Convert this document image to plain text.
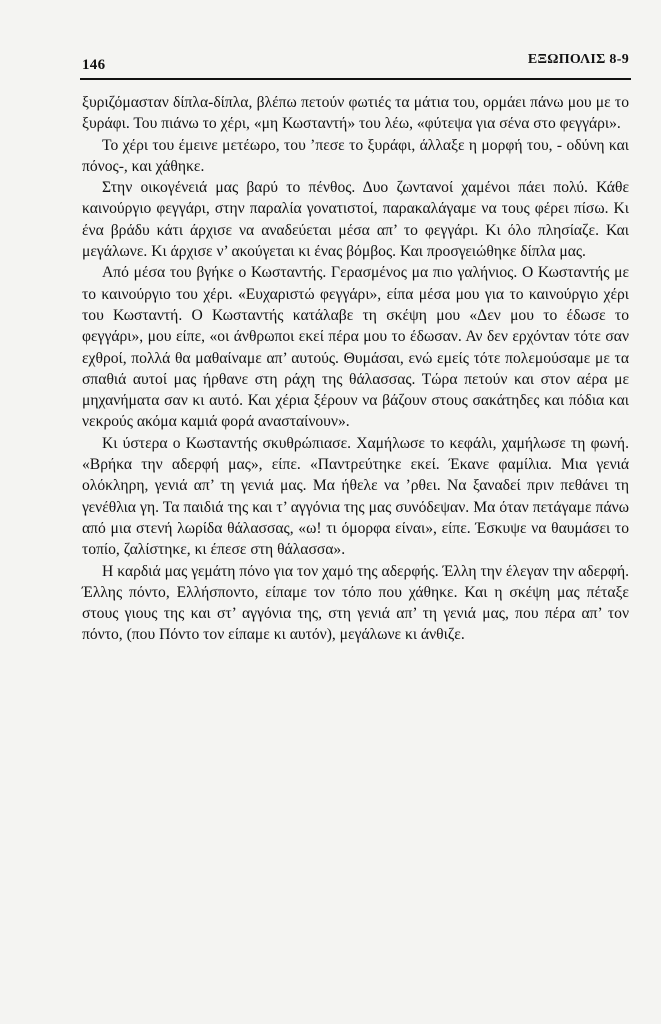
146	ΕΞΩΠΟΛΙΣ 8-9

ξυριζόμασταν δίπλα-δίπλα, βλέπω πετούν φωτιές τα μάτια του, ορμάει πάνω μου με το ξυράφι. Του πιάνω το χέρι, «μη Κωσταντή» του λέω, «φύτεψα για σένα στο φεγγάρι».

Το χέρι του έμεινε μετέωρο, του ’πεσε το ξυράφι, άλλαξε η μορφή του, - οδύνη και πόνος-, και χάθηκε.

Στην οικογένειά μας βαρύ το πένθος. Δυο ζωντανοί χαμένοι πάει πολύ. Κάθε καινούργιο φεγγάρι, στην παραλία γονατιστοί, παρακαλάγαμε να τους φέρει πίσω. Κι ένα βράδυ κάτι άρχισε να αναδεύεται μέσα απ’ το φεγγάρι. Κι όλο πλησίαζε. Και μεγάλωνε. Κι άρχισε ν’ ακούγεται κι ένας βόμβος. Και προσγειώθηκε δίπλα μας.

Από μέσα του βγήκε ο Κωσταντής. Γερασμένος μα πιο γαλήνιος. Ο Κωσταντής με το καινούργιο του χέρι. «Ευχαριστώ φεγγάρι», είπα μέσα μου για το καινούργιο χέρι του Κωσταντή. Ο Κωσταντής κατάλαβε τη σκέψη μου «Δεν μου το έδωσε το φεγγάρι», μου είπε, «οι άνθρωποι εκεί πέρα μου το έδωσαν. Αν δεν ερχόνταν τότε σαν εχθροί, πολλά θα μαθαίναμε απ’ αυτούς. Θυμάσαι, ενώ εμείς τότε πολεμούσαμε με τα σπαθιά αυτοί μας ήρθανε στη ράχη της θάλασσας. Τώρα πετούν και στον αέρα με μηχανήματα σαν κι αυτό. Και χέρια ξέρουν να βάζουν στους σακάτηδες και πόδια και νεκρούς ακόμα καμιά φορά ανασταίνουν».

Κι ύστερα ο Κωσταντής σκυθρώπιασε. Χαμήλωσε το κεφάλι, χαμήλωσε τη φωνή. «Βρήκα την αδερφή μας», είπε. «Παντρεύτηκε εκεί. Έκανε φαμίλια. Μια γενιά ολόκληρη, γενιά απ’ τη γενιά μας. Μα ήθελε να ’ρθει. Να ξαναδεί πριν πεθάνει τη γενέθλια γη. Τα παιδιά της και τ’ αγγόνια της μας συνόδεψαν. Μα όταν πετάγαμε πάνω από μια στενή λωρίδα θάλασσας, «ω! τι όμορφα είναι», είπε. Έσκυψε να θαυμάσει το τοπίο, ζαλίστηκε, κι έπεσε στη θάλασσα».

Η καρδιά μας γεμάτη πόνο για τον χαμό της αδερφής. Έλλη την έλεγαν την αδερφή. Έλλης πόντο, Ελλήσποντο, είπαμε τον τόπο που χάθηκε. Και η σκέψη μας πέταξε στους γιους της και στ’ αγγόνια της, στη γενιά απ’ τη γενιά μας, που πέρα απ’ τον πόντο, (που Πόντο τον είπαμε κι αυτόν), μεγάλωνε κι άνθιζε.
